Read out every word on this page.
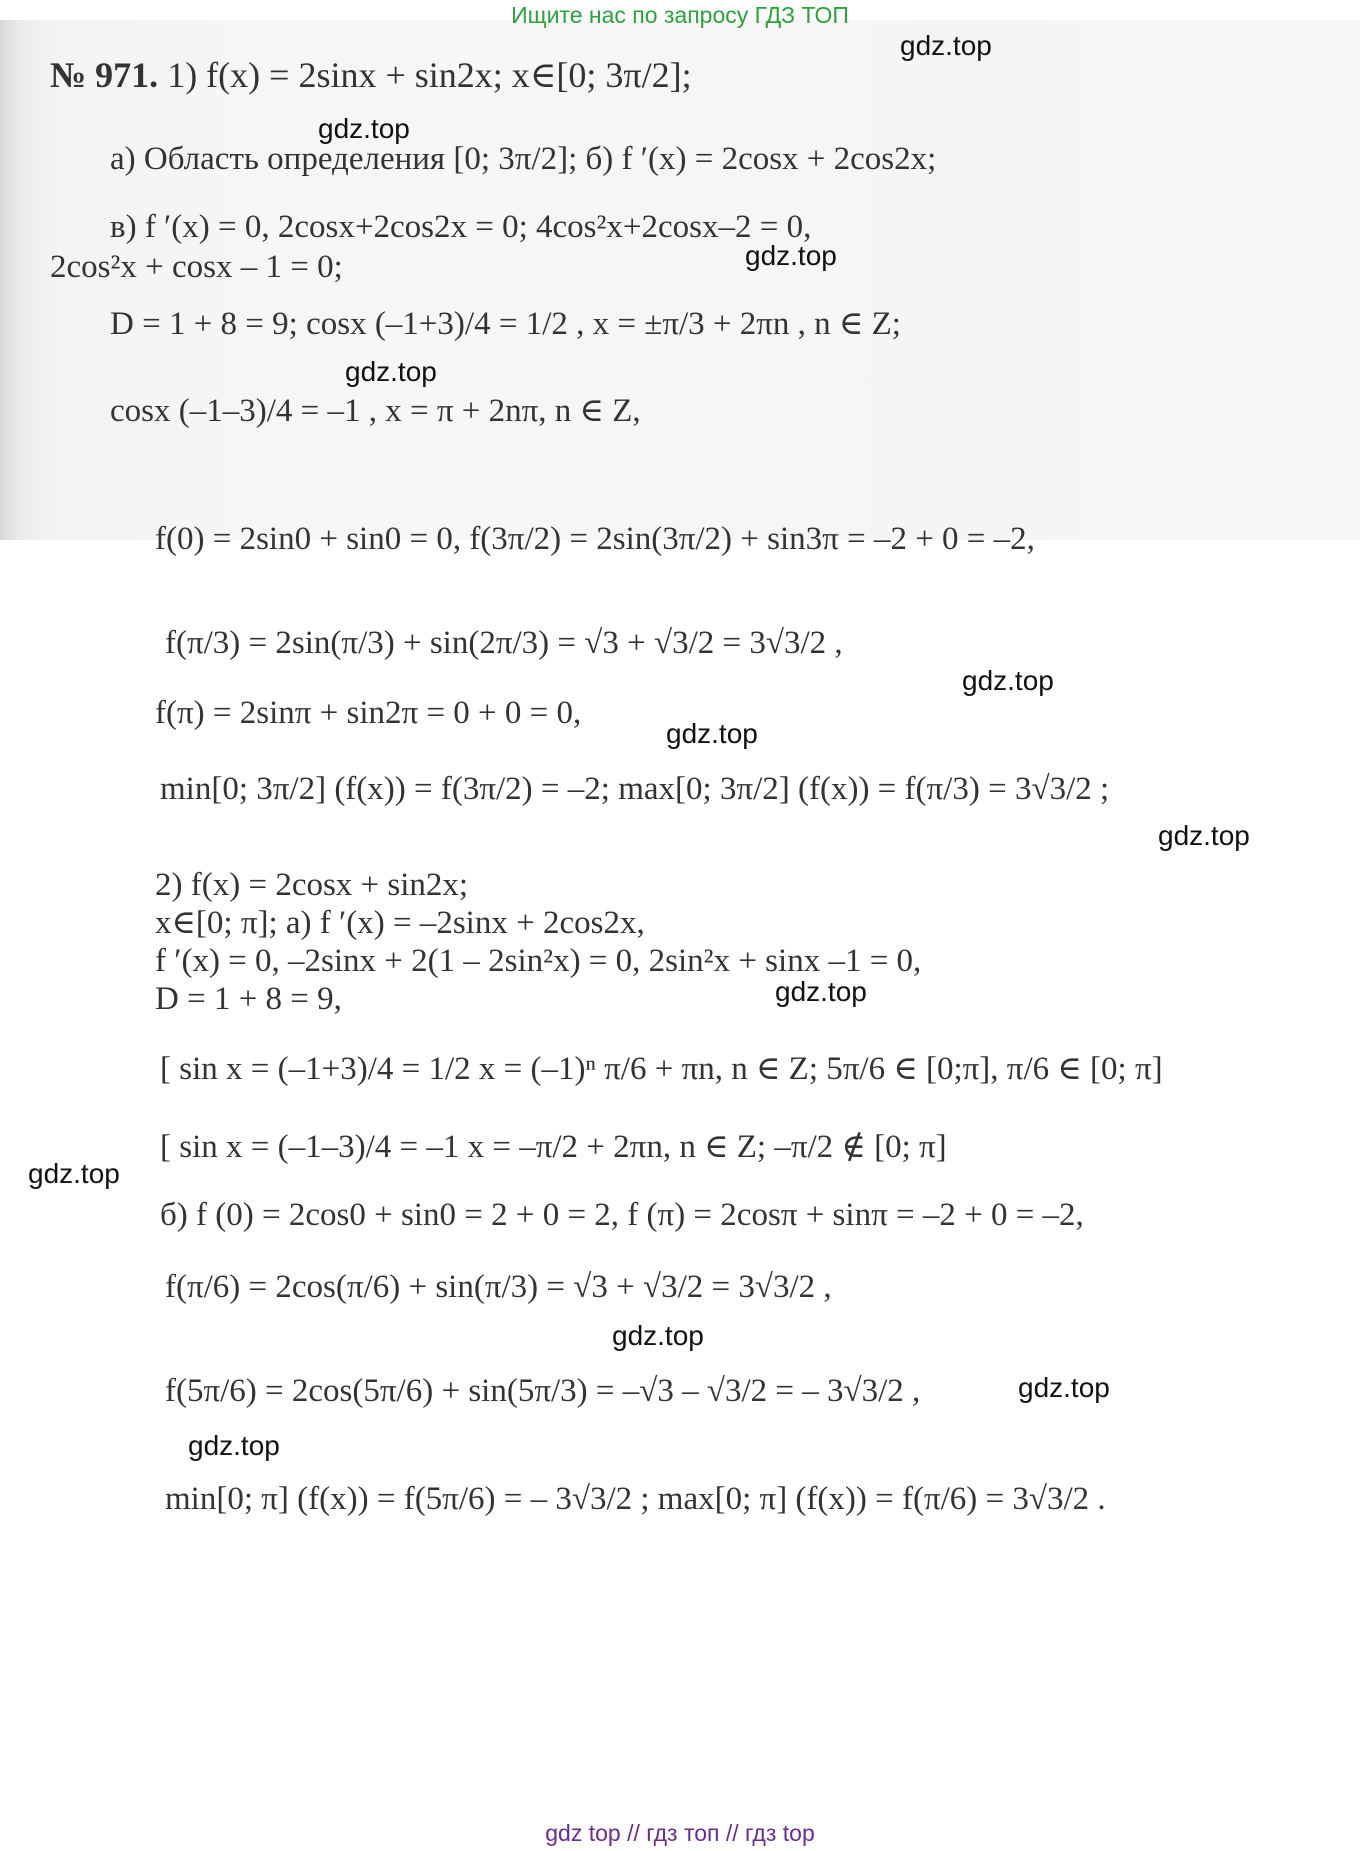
Ищите нас по запросу ГДЗ ТОП
gdz.top
gdz.top
gdz.top
gdz.top
gdz.top
gdz.top
gdz.top
gdz.top
gdz.top
gdz.top
gdz.top
gdz.top
№ 971. 1) f(x) = 2sinx + sin2x; x∈[0; 3π/2];
а) Область определения [0; 3π/2]; б) f ′(x) = 2cosx + 2cos2x;
в) f ′(x) = 0, 2cosx+2cos2x = 0; 4cos²x+2cosx–2 = 0,
2cos²x + cosx – 1 = 0;
D = 1 + 8 = 9; cosx (–1+3)/4 = 1/2 , x = ±π/3 + 2πn , n ∈ Z;
cosx (–1–3)/4 = –1 , x = π + 2nπ, n ∈ Z,
f(0) = 2sin0 + sin0 = 0, f(3π/2) = 2sin(3π/2) + sin3π = –2 + 0 = –2,
f(π/3) = 2sin(π/3) + sin(2π/3) = √3 + √3/2 = 3√3/2 ,
f(π) = 2sinπ + sin2π = 0 + 0 = 0,
min[0; 3π/2] (f(x)) = f(3π/2) = –2; max[0; 3π/2] (f(x)) = f(π/3) = 3√3/2 ;
2) f(x) = 2cosx + sin2x;
x∈[0; π]; а) f ′(x) = –2sinx + 2cos2x,
f ′(x) = 0, –2sinx + 2(1 – 2sin²x) = 0, 2sin²x + sinx –1 = 0,
D = 1 + 8 = 9,
[ sin x = (–1+3)/4 = 1/2 x = (–1)ⁿ π/6 + πn, n ∈ Z; 5π/6 ∈ [0;π], π/6 ∈ [0; π]
[ sin x = (–1–3)/4 = –1 x = –π/2 + 2πn, n ∈ Z; –π/2 ∉ [0; π]
б) f (0) = 2cos0 + sin0 = 2 + 0 = 2, f (π) = 2cosπ + sinπ = –2 + 0 = –2,
f(π/6) = 2cos(π/6) + sin(π/3) = √3 + √3/2 = 3√3/2 ,
f(5π/6) = 2cos(5π/6) + sin(5π/3) = –√3 – √3/2 = – 3√3/2 ,
min[0; π] (f(x)) = f(5π/6) = – 3√3/2 ; max[0; π] (f(x)) = f(π/6) = 3√3/2 .
gdz top // гдз топ // гдз top
